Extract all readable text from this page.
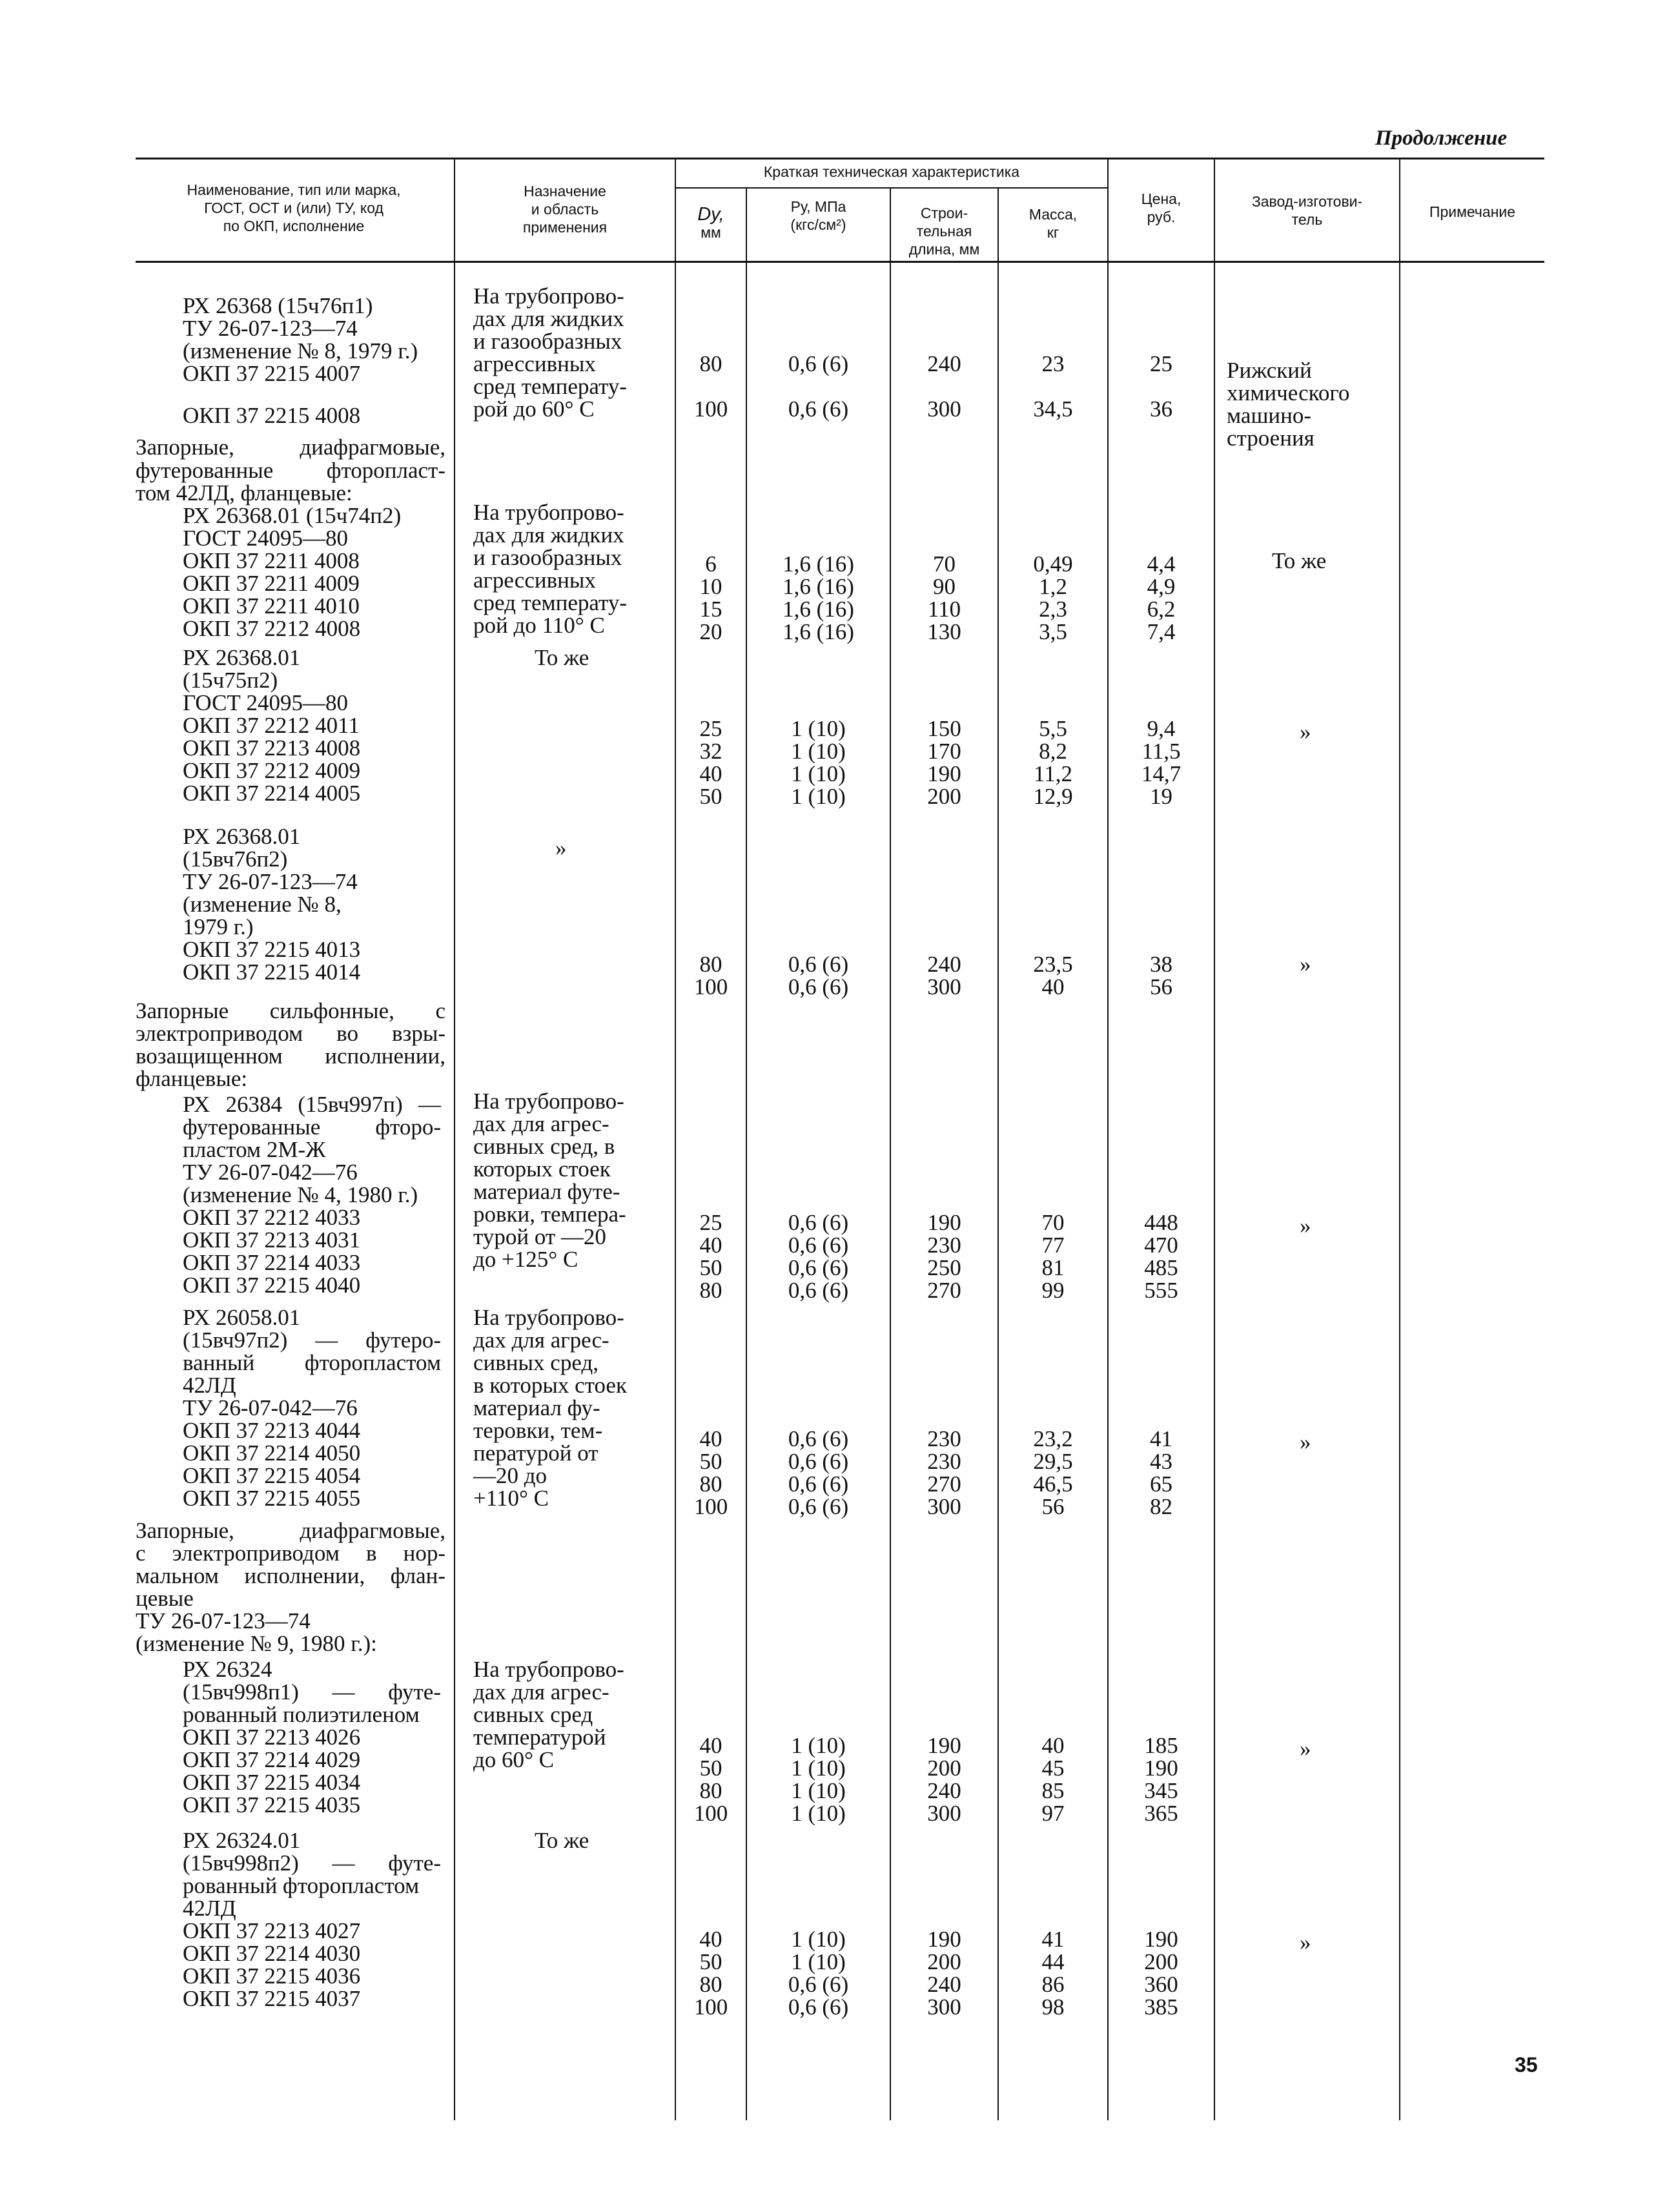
Продолжение
Наименование, тип или марка,
ГОСТ, ОСТ и (или) ТУ, код
по ОКП, исполнение
Назначение
и область
применения
Краткая техническая характеристика
Dу,
мм
Pу, МПа
(кгс/см²)
Строи-
тельная
длина, мм
Масса,
кг
Цена,
руб.
Завод-изготови-
тель	Примечание
РХ 26368 (15ч76п1)
ТУ 26-07-123—74
(изменение № 8, 1979 г.)
ОКП 37 2215 4007
ОКП 37 2215 4008
Запорные, диафрагмовые,
футерованные фторопласт-
том 42ЛД, фланцевые:
РХ 26368.01 (15ч74п2)
ГОСТ 24095—80
ОКП 37 2211 4008
ОКП 37 2211 4009
ОКП 37 2211 4010
ОКП 37 2212 4008
РХ 26368.01
(15ч75п2)
ГОСТ 24095—80
ОКП 37 2212 4011
ОКП 37 2213 4008
ОКП 37 2212 4009
ОКП 37 2214 4005
РХ 26368.01
(15вч76п2)
ТУ 26-07-123—74
(изменение № 8,
1979 г.)
ОКП 37 2215 4013
ОКП 37 2215 4014
Запорные сильфонные, с
электроприводом во взры-
возащищенном исполнении,
фланцевые:
РХ 26384 (15вч997п) —
футерованные фторо-
пластом 2М-Ж
ТУ 26-07-042—76
(изменение № 4, 1980 г.)
ОКП 37 2212 4033
ОКП 37 2213 4031
ОКП 37 2214 4033
ОКП 37 2215 4040
РХ 26058.01
(15вч97п2) — футеро-
ванный фторопластом
42ЛД
ТУ 26-07-042—76
ОКП 37 2213 4044
ОКП 37 2214 4050
ОКП 37 2215 4054
ОКП 37 2215 4055
Запорные, диафрагмовые,
с электроприводом в нор-
мальном исполнении, флан-
цевые
ТУ 26-07-123—74
(изменение № 9, 1980 г.):
РХ 26324
(15вч998п1) — футе-
рованный полиэтиленом
ОКП 37 2213 4026
ОКП 37 2214 4029
ОКП 37 2215 4034
ОКП 37 2215 4035
РХ 26324.01
(15вч998п2) — футе-
рованный фторопластом
42ЛД
ОКП 37 2213 4027
ОКП 37 2214 4030
ОКП 37 2215 4036
ОКП 37 2215 4037
На трубопрово-
дах для жидких
и газообразных
агрессивных
сред температу-
рой до 60° С
На трубопрово-
дах для жидких
и газообразных
агрессивных
сред температу-
рой до 110° С
То же
»
На трубопрово-
дах для агрес-
сивных сред, в
которых стоек
материал футе-
ровки, темпера-
турой от —20
до +125° С
На трубопрово-
дах для агрес-
сивных сред,
в которых стоек
материал фу-
теровки, тем-
пературой от
—20 до
+110° С
На трубопрово-
дах для агрес-
сивных сред
температурой
до 60° С
То же
80
100
6
10
15
20
25
32
40
50
80
100
25
40
50
80
40
50
80
100
40
50
80
100
40
50
80
100
0,6 (6)
0,6 (6)
1,6 (16)
1,6 (16)
1,6 (16)
1,6 (16)
1 (10)
1 (10)
1 (10)
1 (10)
0,6 (6)
0,6 (6)
0,6 (6)
0,6 (6)
0,6 (6)
0,6 (6)
0,6 (6)
0,6 (6)
0,6 (6)
0,6 (6)
1 (10)
1 (10)
1 (10)
1 (10)
1 (10)
1 (10)
0,6 (6)
0,6 (6)
240
300
70
90
110
130
150
170
190
200
240
300
190
230
250
270
230
230
270
300
190
200
240
300
190
200
240
300
23
34,5
0,49
1,2
2,3
3,5
5,5
8,2
11,2
12,9
23,5
40
70
77
81
99
23,2
29,5
46,5
56
40
45
85
97
41
44
86
98
25
36
4,4
4,9
6,2
7,4
9,4
11,5
14,7
19
38
56
448
470
485
555
41
43
65
82
185
190
345
365
190
200
360
385
Рижский
химического
машино-
строения
То же
»
»
»
»
»
»
35
